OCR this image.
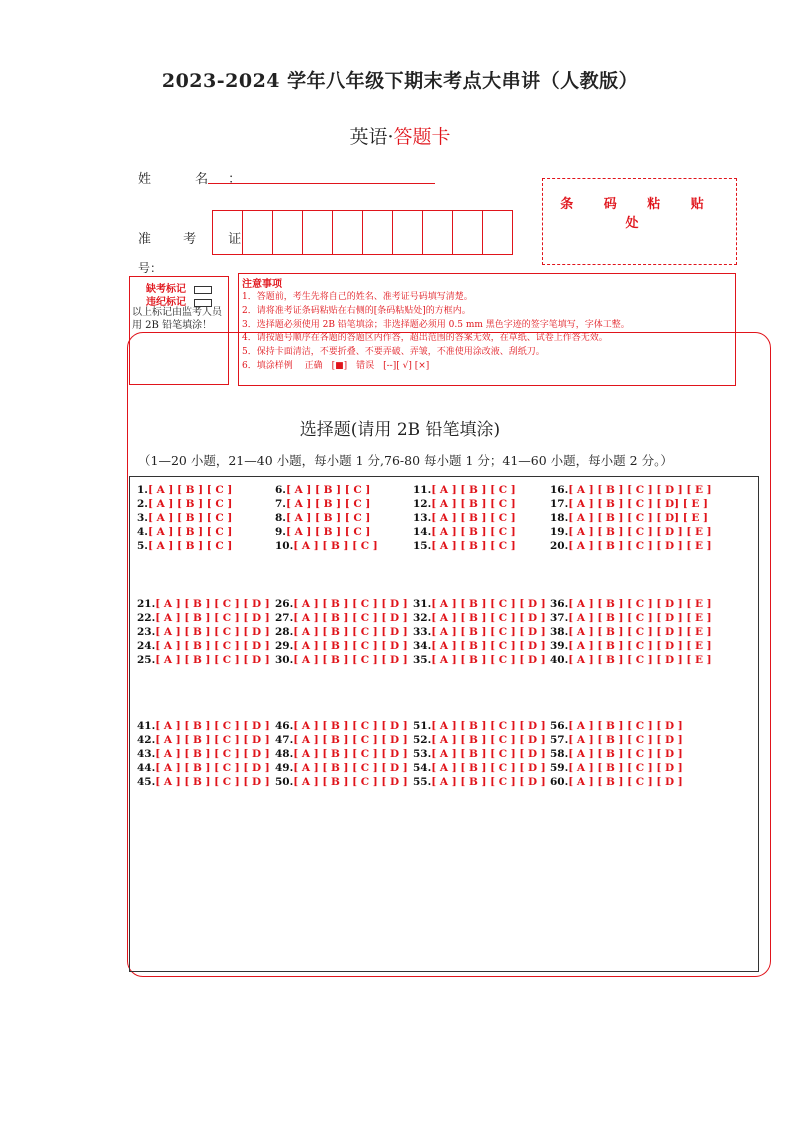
2023-2024 学年八年级下期末考点大串讲（人教版）
英语·答题卡
姓 名：
准 考 证
号：
条 码 粘 贴 处
缺考标记
违纪标记
以上标记由监考人员用 2B 铅笔填涂！
注意事项
1．答题前，考生先将自己的姓名、准考证号码填写清楚。
2．请将准考证条码粘贴在右侧的[条码粘贴处]的方框内。
3．选择题必须使用 2B 铅笔填涂；非选择题必须用 0.5 mm 黑色字迹的签字笔填写，字体工整。
4．请按题号顺序在各题的答题区内作答，超出范围的答案无效，在草纸、试卷上作答无效。
5．保持卡面清洁，不要折叠、不要弄破、弄皱，不准使用涂改液、刮纸刀。
6．填涂样例　 正确　[■]　错误　[--][ √] [×]
选择题(请用 2B 铅笔填涂)
（1—20 小题，21—40 小题，每小题 1 分,76-80 每小题 1 分；41—60 小题，每小题 2 分。）
1.[ A ] [ B ] [ C ]
2.[ A ] [ B ] [ C ]
3.[ A ] [ B ] [ C ]
4.[ A ] [ B ] [ C ]
5.[ A ] [ B ] [ C ]
6.[ A ] [ B ] [ C ]
7.[ A ] [ B ] [ C ]
8.[ A ] [ B ] [ C ]
9.[ A ] [ B ] [ C ]
10.[ A ] [ B ] [ C ]
11.[ A ] [ B ] [ C ]
12.[ A ] [ B ] [ C ]
13.[ A ] [ B ] [ C ]
14.[ A ] [ B ] [ C ]
15.[ A ] [ B ] [ C ]
16.[ A ] [ B ] [ C ] [ D ] [ E ]
17.[ A ] [ B ] [ C ] [ D] [ E ]
18.[ A ] [ B ] [ C ] [ D] [ E ]
19.[ A ] [ B ] [ C ] [ D ] [ E ]
20.[ A ] [ B ] [ C ] [ D ] [ E ]
21.[ A ] [ B ] [ C ] [ D ]
22.[ A ] [ B ] [ C ] [ D ]
23.[ A ] [ B ] [ C ] [ D ]
24.[ A ] [ B ] [ C ] [ D ]
25.[ A ] [ B ] [ C ] [ D ]
26.[ A ] [ B ] [ C ] [ D ]
27.[ A ] [ B ] [ C ] [ D ]
28.[ A ] [ B ] [ C ] [ D ]
29.[ A ] [ B ] [ C ] [ D ]
30.[ A ] [ B ] [ C ] [ D ]
31.[ A ] [ B ] [ C ] [ D ]
32.[ A ] [ B ] [ C ] [ D ]
33.[ A ] [ B ] [ C ] [ D ]
34.[ A ] [ B ] [ C ] [ D ]
35.[ A ] [ B ] [ C ] [ D ]
36.[ A ] [ B ] [ C ] [ D ] [ E ]
37.[ A ] [ B ] [ C ] [ D ] [ E ]
38.[ A ] [ B ] [ C ] [ D ] [ E ]
39.[ A ] [ B ] [ C ] [ D ] [ E ]
40.[ A ] [ B ] [ C ] [ D ] [ E ]
41.[ A ] [ B ] [ C ] [ D ]
42.[ A ] [ B ] [ C ] [ D ]
43.[ A ] [ B ] [ C ] [ D ]
44.[ A ] [ B ] [ C ] [ D ]
45.[ A ] [ B ] [ C ] [ D ]
46.[ A ] [ B ] [ C ] [ D ]
47.[ A ] [ B ] [ C ] [ D ]
48.[ A ] [ B ] [ C ] [ D ]
49.[ A ] [ B ] [ C ] [ D ]
50.[ A ] [ B ] [ C ] [ D ]
51.[ A ] [ B ] [ C ] [ D ]
52.[ A ] [ B ] [ C ] [ D ]
53.[ A ] [ B ] [ C ] [ D ]
54.[ A ] [ B ] [ C ] [ D ]
55.[ A ] [ B ] [ C ] [ D ]
56.[ A ] [ B ] [ C ] [ D ]
57.[ A ] [ B ] [ C ] [ D ]
58.[ A ] [ B ] [ C ] [ D ]
59.[ A ] [ B ] [ C ] [ D ]
60.[ A ] [ B ] [ C ] [ D ]
